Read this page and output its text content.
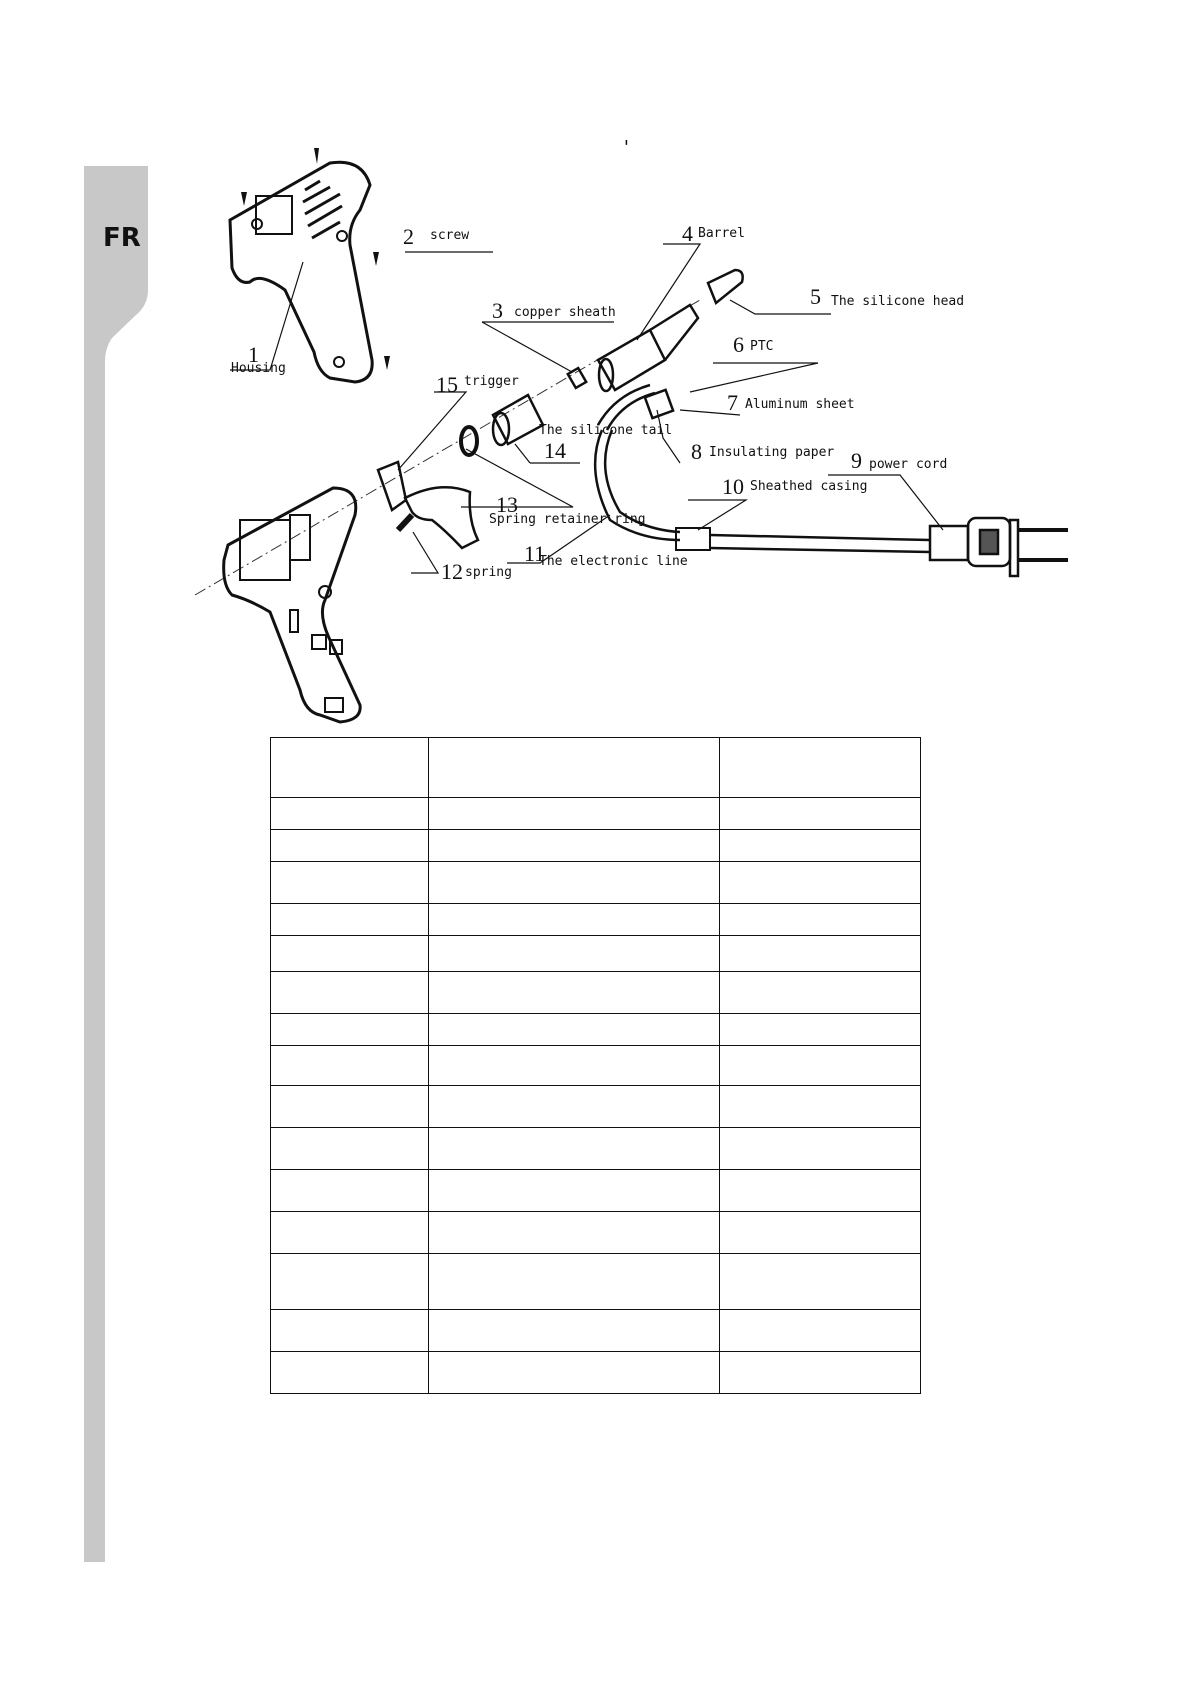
FR
'
1
2
3
4
5
6
7
8	9
10
11
12
13
14
15
Housing
screw
copper sheath
Barrel
The silicone head
PTC
Aluminum sheet
Insulating paper
power cord
Sheathed casing
The electronic line
spring
Spring retainer ring
The silicone tail
trigger
